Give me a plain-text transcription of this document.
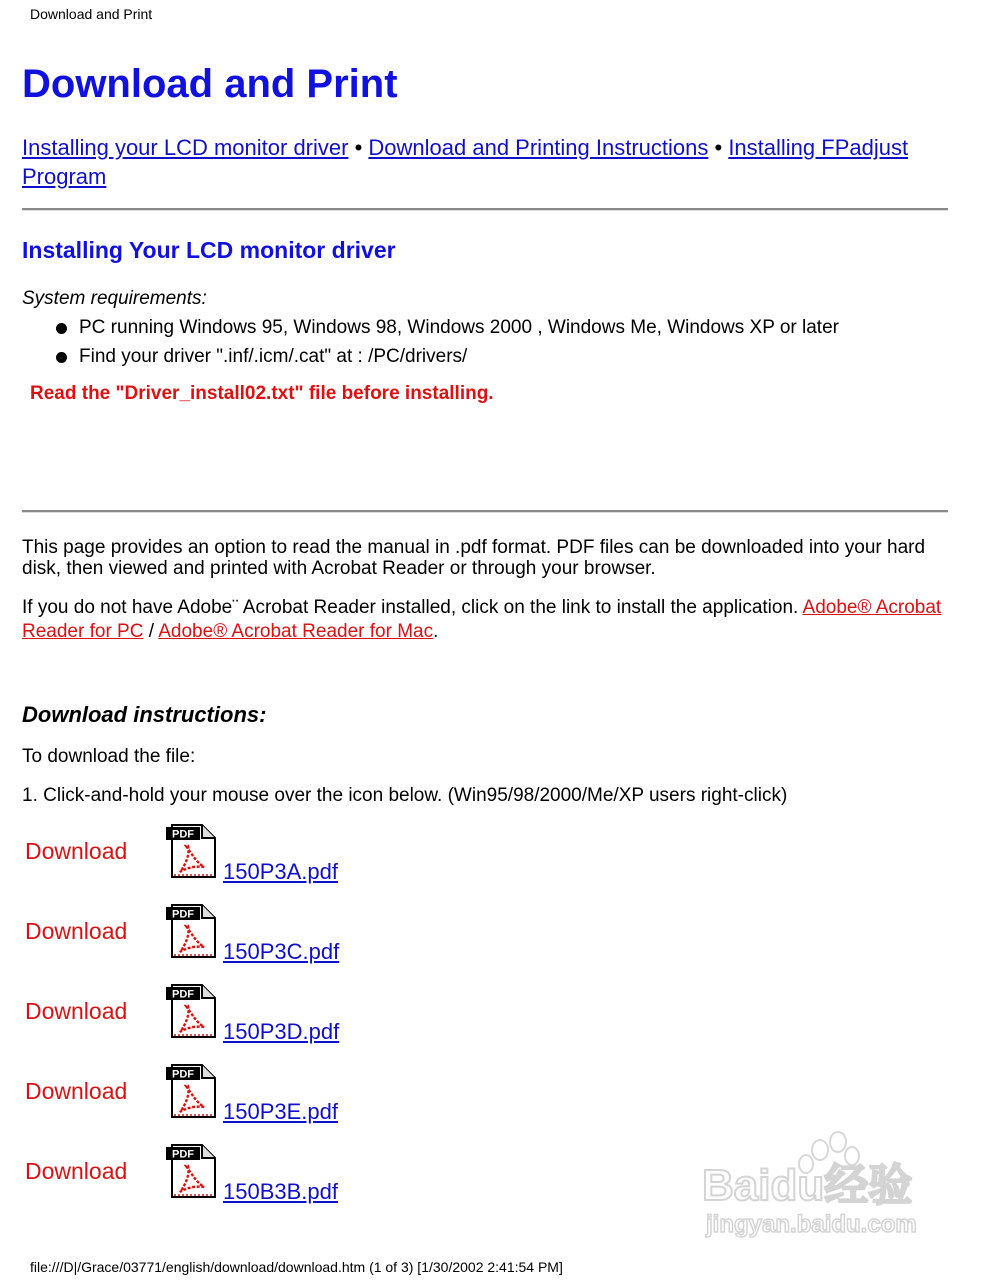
Download and Print
Download and Print
Installing your LCD monitor driver • Download and Printing Instructions • Installing FPadjust Program
Installing Your LCD monitor driver
System requirements:
PC running Windows 95, Windows 98, Windows 2000 , Windows Me, Windows XP or later
Find your driver ".inf/.icm/.cat" at : /PC/drivers/
Read the "Driver_install02.txt" file before installing.
This page provides an option to read the manual in .pdf format. PDF files can be downloaded into your hard disk, then viewed and printed with Acrobat Reader or through your browser.
If you do not have Adobe¨ Acrobat Reader installed, click on the link to install the application. Adobe® Acrobat Reader for PC / Adobe® Acrobat Reader for Mac.
Download instructions:
To download the file:
1. Click-and-hold your mouse over the icon below. (Win95/98/2000/Me/XP users right-click)
Download
PDF
150P3A.pdf
Download
PDF
150P3C.pdf
Download
PDF
150P3D.pdf
Download
PDF
150P3E.pdf
Download
PDF
150B3B.pdf	Baidu经验
jingyan.baidu.com
file:///D|/Grace/03771/english/download/download.htm (1 of 3) [1/30/2002 2:41:54 PM]
